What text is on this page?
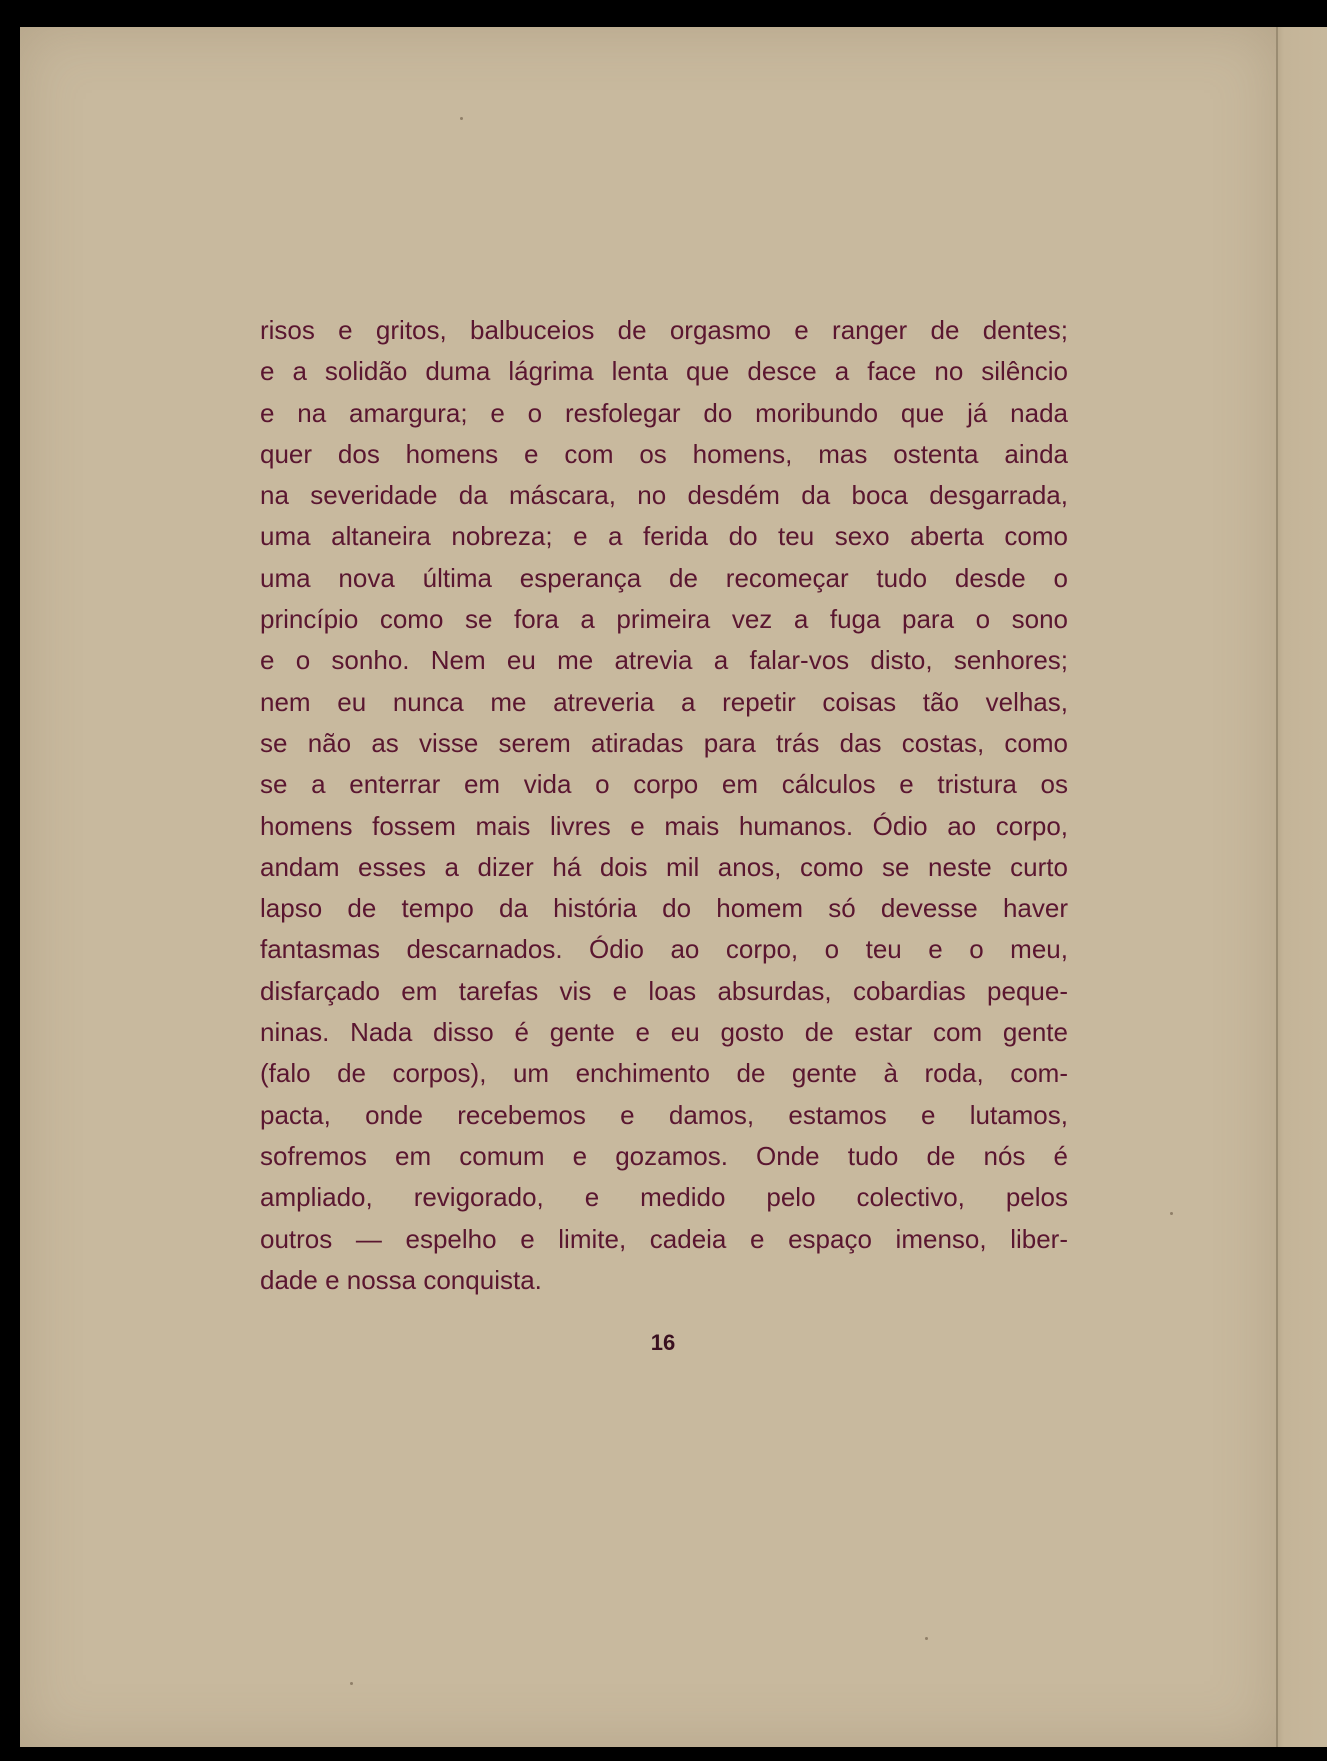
risos e gritos, balbuceios de orgasmo e ranger de dentes;
e a solidão duma lágrima lenta que desce a face no silêncio
e na amargura; e o resfolegar do moribundo que já nada
quer dos homens e com os homens, mas ostenta ainda
na severidade da máscara, no desdém da boca desgarrada,
uma altaneira nobreza; e a ferida do teu sexo aberta como
uma nova última esperança de recomeçar tudo desde o
princípio como se fora a primeira vez a fuga para o sono
e o sonho. Nem eu me atrevia a falar-vos disto, senhores;
nem eu nunca me atreveria a repetir coisas tão velhas,
se não as visse serem atiradas para trás das costas, como
se a enterrar em vida o corpo em cálculos e tristura os
homens fossem mais livres e mais humanos. Ódio ao corpo,
andam esses a dizer há dois mil anos, como se neste curto
lapso de tempo da história do homem só devesse haver
fantasmas descarnados. Ódio ao corpo, o teu e o meu,
disfarçado em tarefas vis e loas absurdas, cobardias peque-
ninas. Nada disso é gente e eu gosto de estar com gente
(falo de corpos), um enchimento de gente à roda, com-
pacta, onde recebemos e damos, estamos e lutamos,
sofremos em comum e gozamos. Onde tudo de nós é
ampliado, revigorado, e medido pelo colectivo, pelos
outros — espelho e limite, cadeia e espaço imenso, liber-
dade e nossa conquista.
16
